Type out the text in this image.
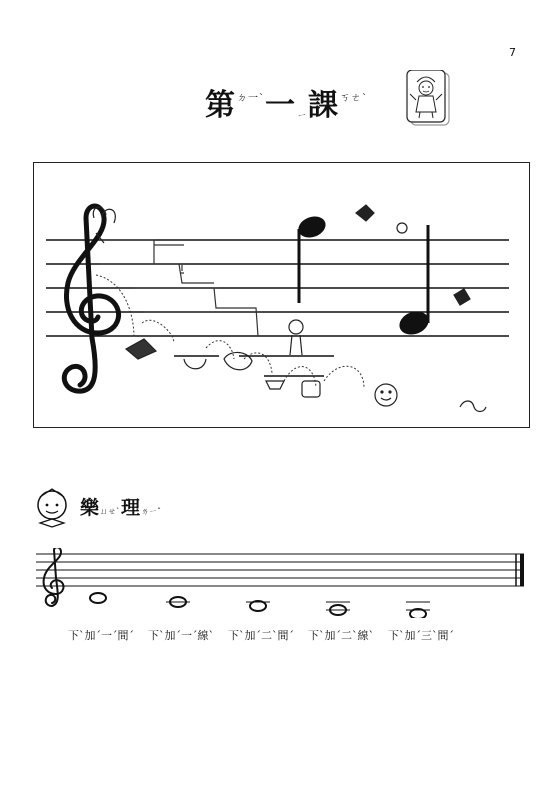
7
第$^{ㄉ一ˋ}$一ㄧ課$^{ㄎㄜˋ}$
樂ㄩㄝˋ理ㄌㄧˇ
下ˋ加ˊ一ˊ間ˊ 下ˋ加ˊ一ˊ線ˋ 下ˋ加ˊ二ˋ間ˊ 下ˋ加ˊ二ˋ線ˋ 下ˋ加ˊ三ˋ間ˊ
